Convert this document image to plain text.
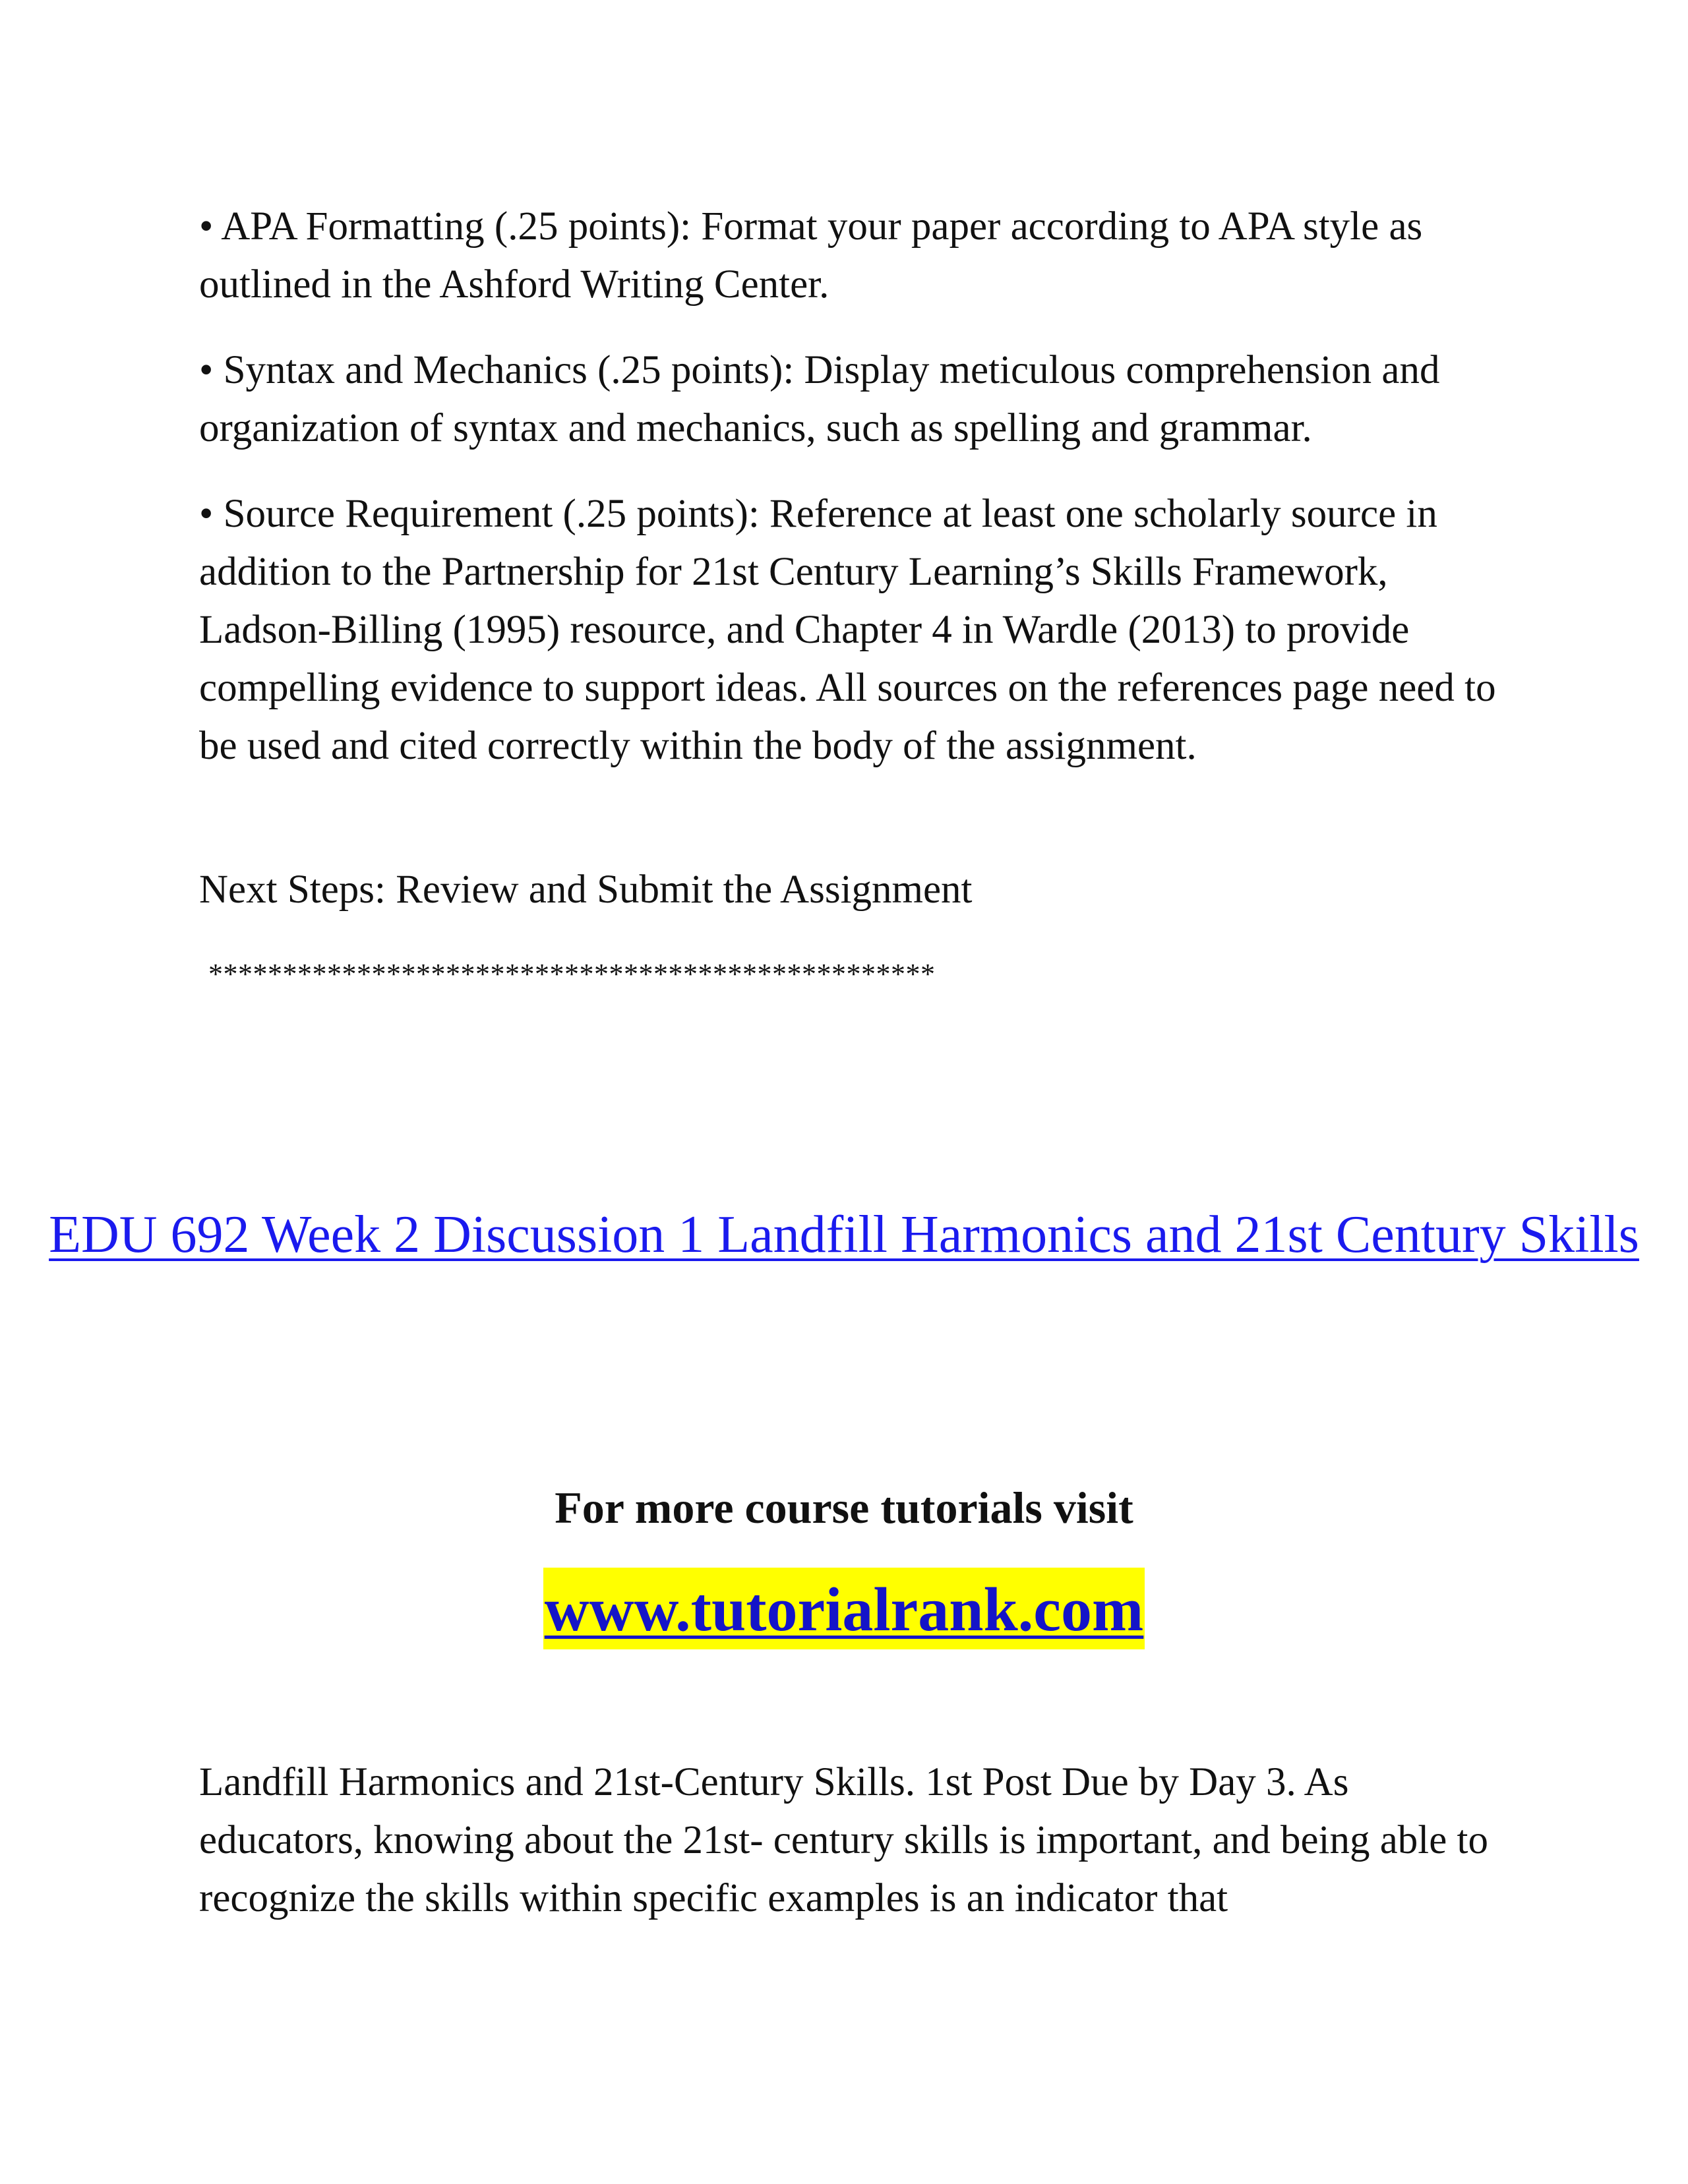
• APA Formatting (.25 points): Format your paper according to APA style as outlined in the Ashford Writing Center.

• Syntax and Mechanics (.25 points): Display meticulous comprehension and organization of syntax and mechanics, such as spelling and grammar.

• Source Requirement (.25 points): Reference at least one scholarly source in addition to the Partnership for 21st Century Learning’s Skills Framework, Ladson-Billing (1995) resource, and Chapter 4 in Wardle (2013) to provide compelling evidence to support ideas. All sources on the references page need to be used and cited correctly within the body of the assignment.

Next Steps: Review and Submit the Assignment

*************************************************
EDU 692 Week 2 Discussion 1 Landfill Harmonics and 21st Century Skills
For more course tutorials visit
www.tutorialrank.com

Landfill Harmonics and 21st-Century Skills. 1st Post Due by Day 3. As educators, knowing about the 21st- century skills is important, and being able to recognize the skills within specific examples is an indicator that
